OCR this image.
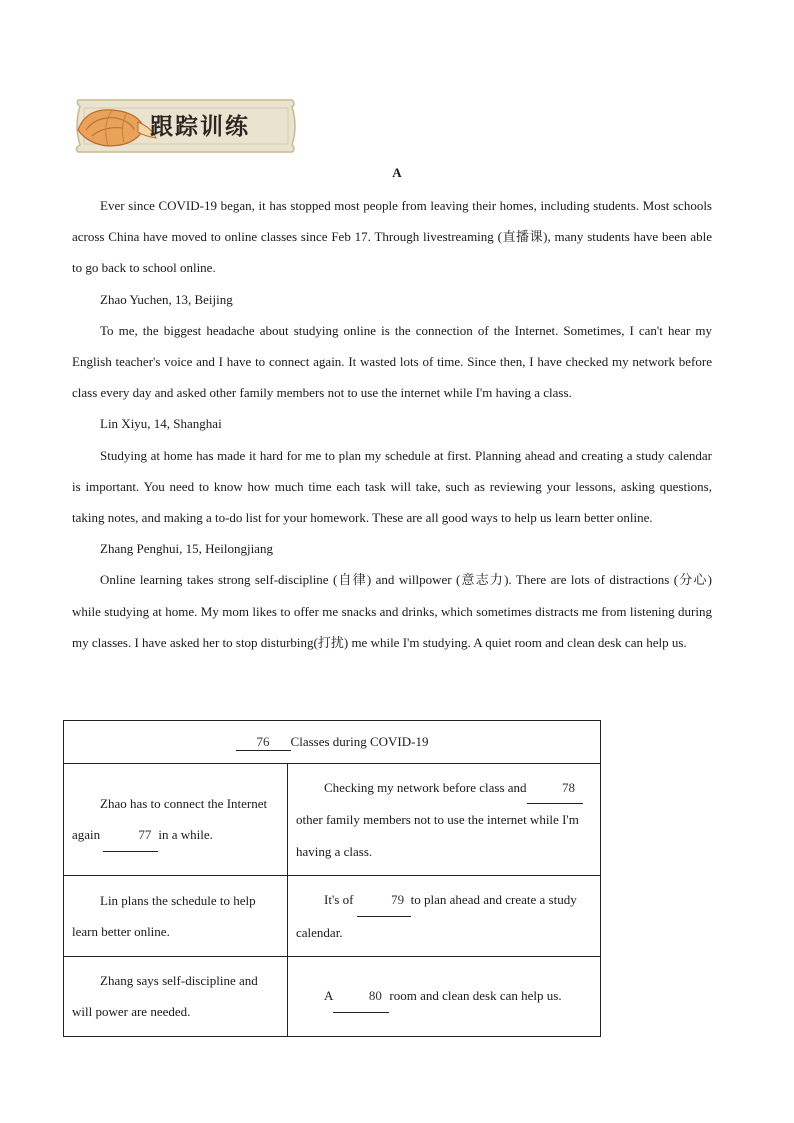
跟踪训练
A

Ever since COVID-19 began, it has stopped most people from leaving their homes, including students. Most schools across China have moved to online classes since Feb 17. Through livestreaming (直播课), many students have been able to go back to school online.

Zhao Yuchen, 13, Beijing

To me, the biggest headache about studying online is the connection of the Internet. Sometimes, I can't hear my English teacher's voice and I have to connect again. It wasted lots of time. Since then, I have checked my network before class every day and asked other family members not to use the internet while I'm having a class.

Lin Xiyu, 14, Shanghai

Studying at home has made it hard for me to plan my schedule at first. Planning ahead and creating a study calendar is important. You need to know how much time each task will take, such as reviewing your lessons, asking questions, taking notes, and making a to-do list for your homework. These are all good ways to help us learn better online.

Zhang Penghui, 15, Heilongjiang

Online learning takes strong self-discipline (自律) and willpower (意志力). There are lots of distractions (分心) while studying at home. My mom likes to offer me snacks and drinks, which sometimes distracts me from listening during my classes. I have asked her to stop disturbing(打扰) me while I'm studying. A quiet room and clean desk can help us.

76 Classes during COVID-19	

Zhao has to connect the Internet again 77 in a while.	Checking my network before class and 78other family members not to use the internet while I'm having a class.

Lin plans the schedule to help learn better online.	It's of 79 to plan ahead and create a study calendar.

Zhang says self-discipline and will power are needed.	A 80 room and clean desk can help us.
